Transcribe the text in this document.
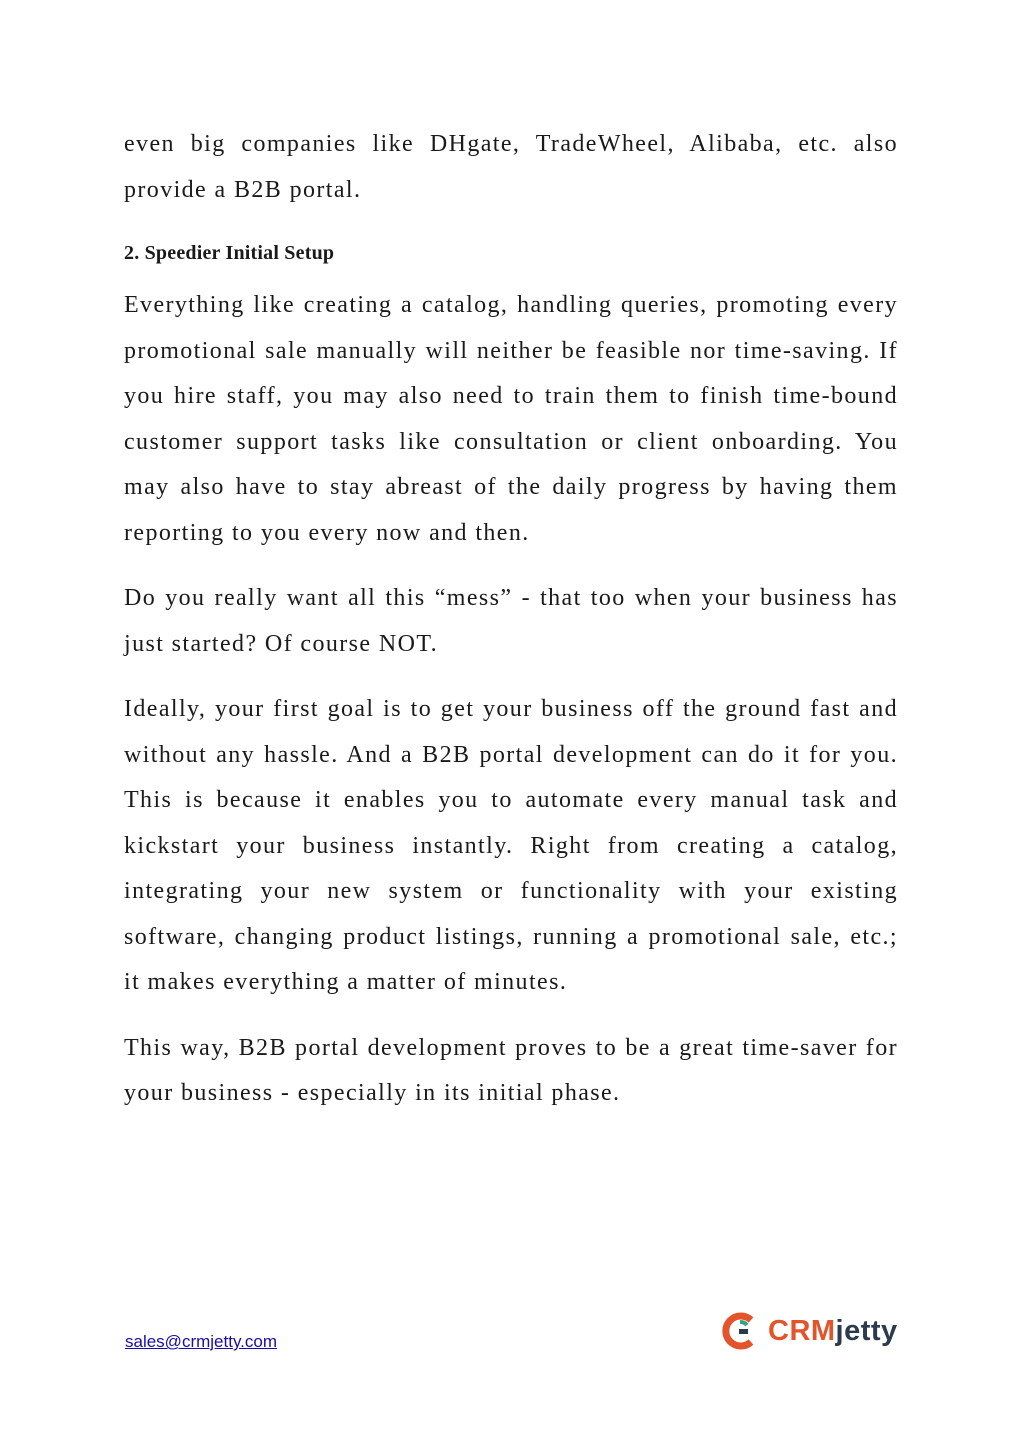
even big companies like DHgate, TradeWheel, Alibaba, etc. also provide a B2B portal.

2. Speedier Initial Setup

Everything like creating a catalog, handling queries, promoting every promotional sale manually will neither be feasible nor time-saving. If you hire staff, you may also need to train them to finish time-bound customer support tasks like consultation or client onboarding. You may also have to stay abreast of the daily progress by having them reporting to you every now and then.

Do you really want all this “mess” - that too when your business has just started? Of course NOT.

Ideally, your first goal is to get your business off the ground fast and without any hassle. And a B2B portal development can do it for you. This is because it enables you to automate every manual task and kickstart your business instantly. Right from creating a catalog, integrating your new system or functionality with your existing software, changing product listings, running a promotional sale, etc.; it makes everything a matter of minutes.

This way, B2B portal development proves to be a great time-saver for your business - especially in its initial phase.

sales@crmjetty.com	CRMjetty
